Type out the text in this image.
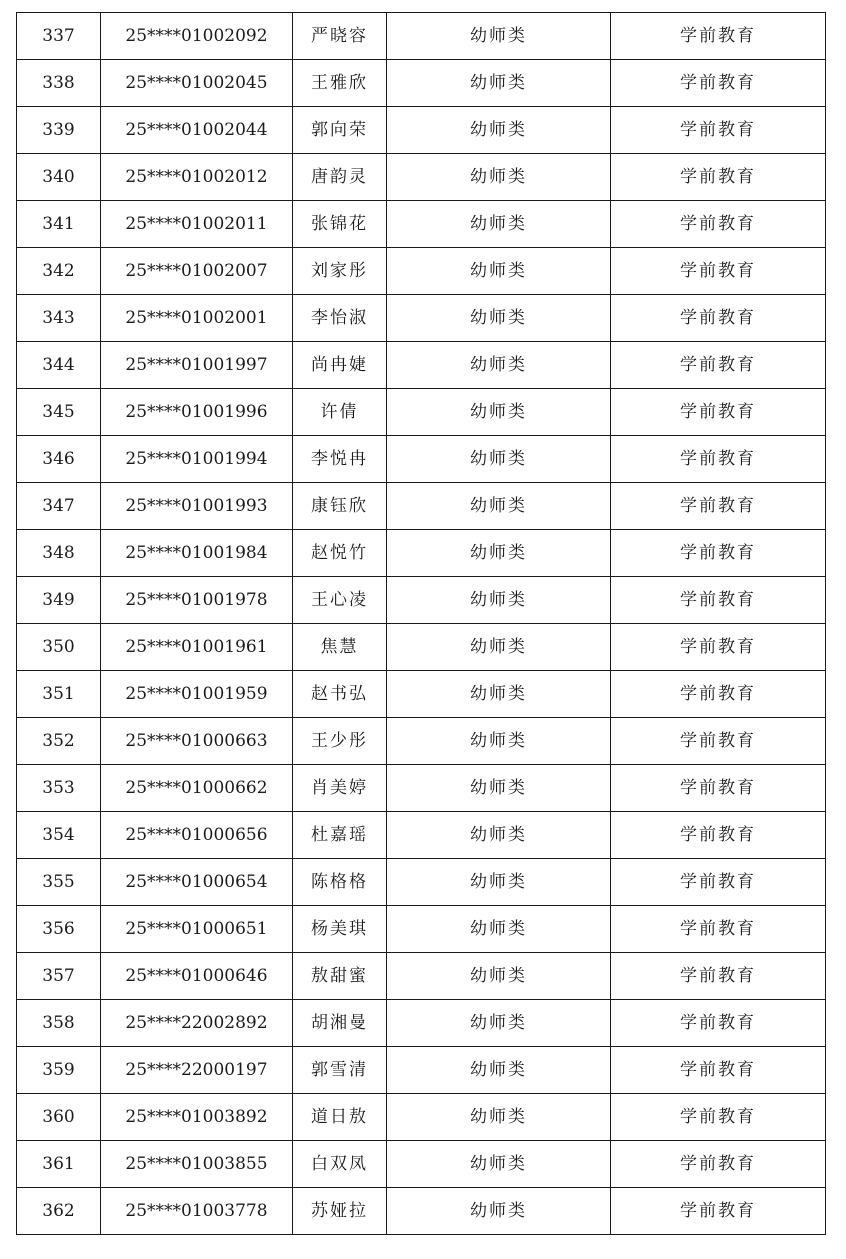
337	25****01002092	严晓容	幼师类	学前教育
338	25****01002045	王雅欣	幼师类	学前教育
339	25****01002044	郭向荣	幼师类	学前教育
340	25****01002012	唐韵灵	幼师类	学前教育
341	25****01002011	张锦花	幼师类	学前教育
342	25****01002007	刘家彤	幼师类	学前教育
343	25****01002001	李怡淑	幼师类	学前教育
344	25****01001997	尚冉婕	幼师类	学前教育
345	25****01001996	许倩	幼师类	学前教育
346	25****01001994	李悦冉	幼师类	学前教育
347	25****01001993	康钰欣	幼师类	学前教育
348	25****01001984	赵悦竹	幼师类	学前教育
349	25****01001978	王心凌	幼师类	学前教育
350	25****01001961	焦慧	幼师类	学前教育
351	25****01001959	赵书弘	幼师类	学前教育
352	25****01000663	王少彤	幼师类	学前教育
353	25****01000662	肖美婷	幼师类	学前教育
354	25****01000656	杜嘉瑶	幼师类	学前教育
355	25****01000654	陈格格	幼师类	学前教育
356	25****01000651	杨美琪	幼师类	学前教育
357	25****01000646	敖甜蜜	幼师类	学前教育
358	25****22002892	胡湘曼	幼师类	学前教育
359	25****22000197	郭雪清	幼师类	学前教育
360	25****01003892	道日敖	幼师类	学前教育
361	25****01003855	白双凤	幼师类	学前教育
362	25****01003778	苏娅拉	幼师类	学前教育
